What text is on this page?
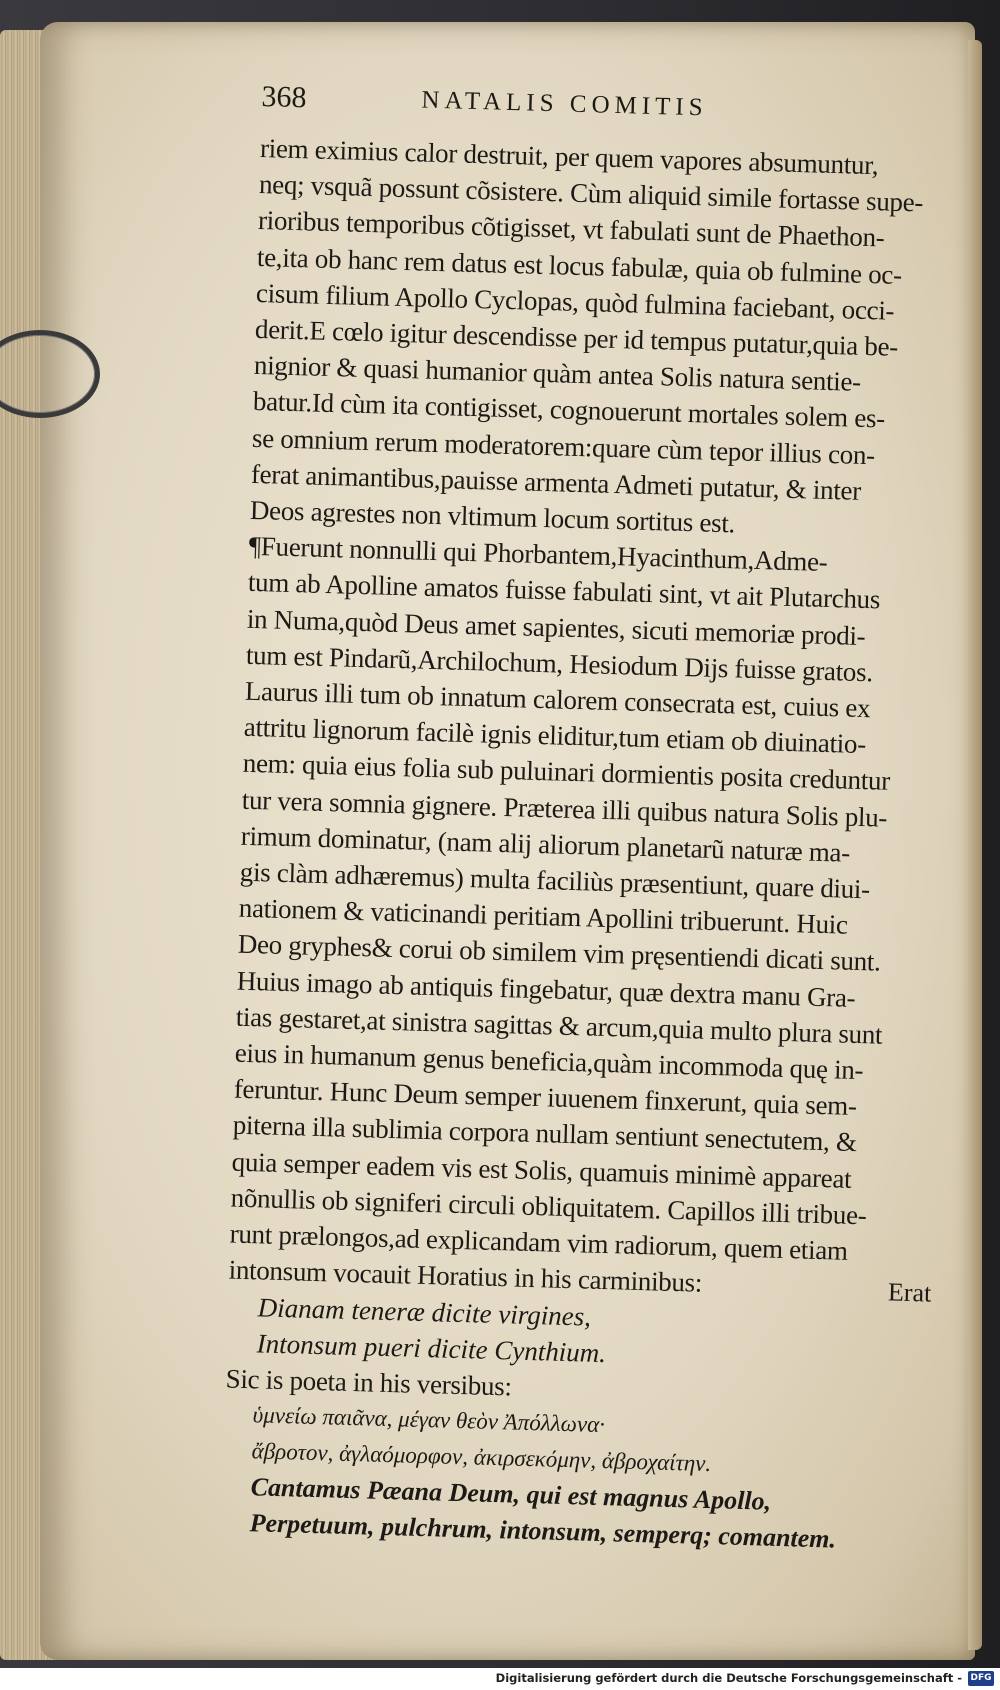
368	NATALIS COMITIS
riem eximius calor destruit, per quem vapores absumuntur,
neq; vsquã possunt cõsistere. Cùm aliquid simile fortasse supe-
rioribus temporibus cõtigisset, vt fabulati sunt de Phaethon-
te,ita ob hanc rem datus est locus fabulæ, quia ob fulmine oc-
cisum filium Apollo Cyclopas, quòd fulmina faciebant, occi-
derit.E cœlo igitur descendisse per id tempus putatur,quia be-
nignior & quasi humanior quàm antea Solis natura sentie-
batur.Id cùm ita contigisset, cognouerunt mortales solem es-
se omnium rerum moderatorem:quare cùm tepor illius con-
ferat animantibus,pauisse armenta Admeti putatur, & inter
Deos agrestes non vltimum locum sortitus est.
¶Fuerunt nonnulli qui Phorbantem,Hyacinthum,Adme-
tum ab Apolline amatos fuisse fabulati sint, vt ait Plutarchus
in Numa,quòd Deus amet sapientes, sicuti memoriæ prodi-
tum est Pindarũ,Archilochum, Hesiodum Dijs fuisse gratos.
Laurus illi tum ob innatum calorem consecrata est, cuius ex
attritu lignorum facilè ignis eliditur,tum etiam ob diuinatio-
nem: quia eius folia sub puluinari dormientis posita creduntur
tur vera somnia gignere. Præterea illi quibus natura Solis plu-
rimum dominatur, (nam alij aliorum planetarũ naturæ ma-
gis clàm adhæremus) multa faciliùs præsentiunt, quare diui-
nationem & vaticinandi peritiam Apollini tribuerunt. Huic
Deo gryphes& corui ob similem vim pręsentiendi dicati sunt.
Huius imago ab antiquis fingebatur, quæ dextra manu Gra-
tias gestaret,at sinistra sagittas & arcum,quia multo plura sunt
eius in humanum genus beneficia,quàm incommoda quę in-
feruntur. Hunc Deum semper iuuenem finxerunt, quia sem-
piterna illa sublimia corpora nullam sentiunt senectutem, &
quia semper eadem vis est Solis, quamuis minimè appareat
nõnullis ob signiferi circuli obliquitatem. Capillos illi tribue-
runt prælongos,ad explicandam vim radiorum, quem etiam
intonsum vocauit Horatius in his carminibus:
Dianam teneræ dicite virgines,
Intonsum pueri dicite Cynthium.
Sic is poeta in his versibus:
ὑμνείω παιᾶνα, μέγαν θεὸν Ἀπόλλωνα·
ἄβροτον, ἀγλαόμορφον, ἀκιρσεκόμην, ἀβροχαίτην.
Cantamus Pæana Deum, qui est magnus Apollo,
Perpetuum, pulchrum, intonsum, semperq; comantem.
Erat
Digitalisierung gefördert durch die Deutsche Forschungsgemeinschaft - DFG
